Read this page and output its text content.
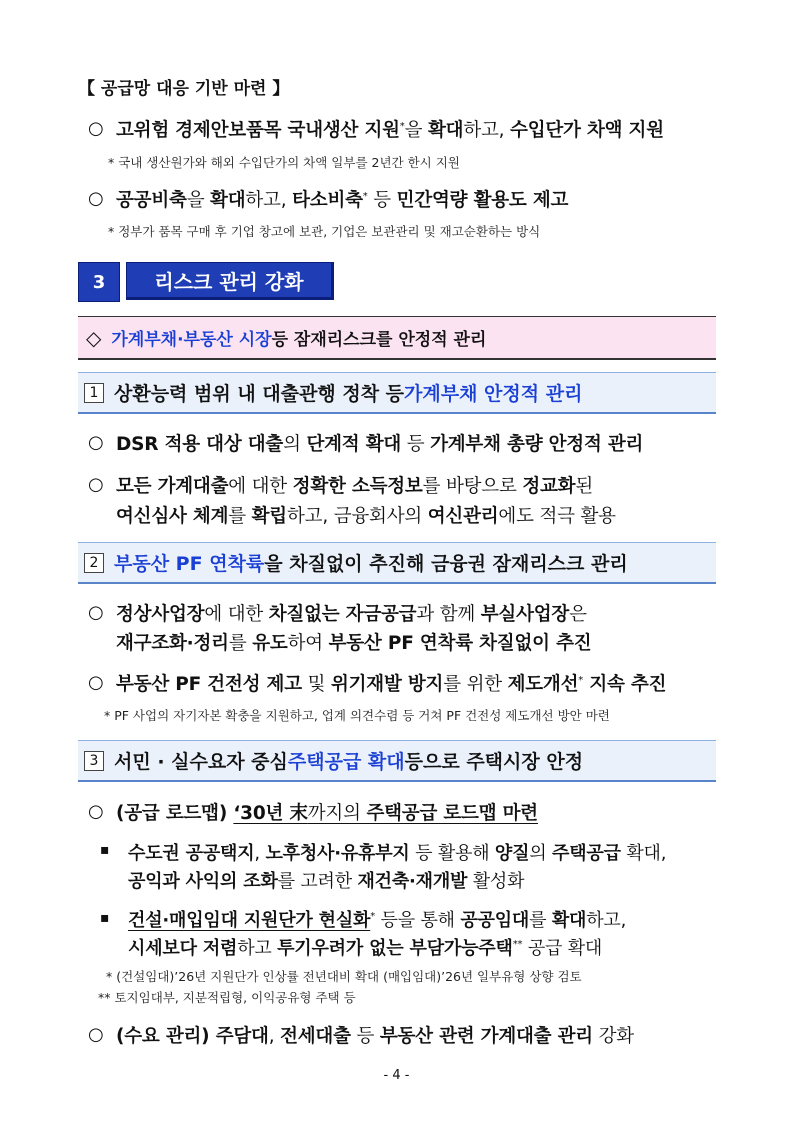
【 공급망 대응 기반 마련 】
○ 고위험 경제안보품목 국내생산 지원*을 확대하고, 수입단가 차액 지원
* 국내 생산원가와 해외 수입단가의 차액 일부를 2년간 한시 지원
○ 공공비축을 확대하고, 타소비축* 등 민간역량 활용도 제고
* 정부가 품목 구매 후 기업 창고에 보관, 기업은 보관관리 및 재고순환하는 방식
3	리스크 관리 강화
◇ 가계부채·부동산 시장 등 잠재리스크를 안정적 관리
1 상환능력 범위 내 대출관행 정착 등 가계부채 안정적 관리
○ DSR 적용 대상 대출의 단계적 확대 등 가계부채 총량 안정적 관리
○ 모든 가계대출에 대한 정확한 소득정보를 바탕으로 정교화된
여신심사 체계를 확립하고, 금융회사의 여신관리에도 적극 활용
2 부동산 PF 연착륙 을 차질없이 추진해 금융권 잠재리스크 관리
○ 정상사업장에 대한 차질없는 자금공급과 함께 부실사업장은
재구조화·정리를 유도하여 부동산 PF 연착륙 차질없이 추진
○ 부동산 PF 건전성 제고 및 위기재발 방지를 위한 제도개선* 지속 추진
* PF 사업의 자기자본 확충을 지원하고, 업계 의견수렴 등 거쳐 PF 건전성 제도개선 방안 마련
3 서민 · 실수요자 중심 주택공급 확대 등으로 주택시장 안정
○ (공급 로드맵) ‘30년 末까지의 주택공급 로드맵 마련
▪ 수도권 공공택지, 노후청사·유휴부지 등 활용해 양질의 주택공급 확대,
공익과 사익의 조화를 고려한 재건축·재개발 활성화
▪ 건설·매입임대 지원단가 현실화* 등을 통해 공공임대를 확대하고,
시세보다 저렴하고 투기우려가 없는 부담가능주택** 공급 확대
* (건설임대)’26년 지원단가 인상률 전년대비 확대 (매입임대)’26년 일부유형 상향 검토
** 토지임대부, 지분적립형, 이익공유형 주택 등
○ (수요 관리) 주담대, 전세대출 등 부동산 관련 가계대출 관리 강화
- 4 -
